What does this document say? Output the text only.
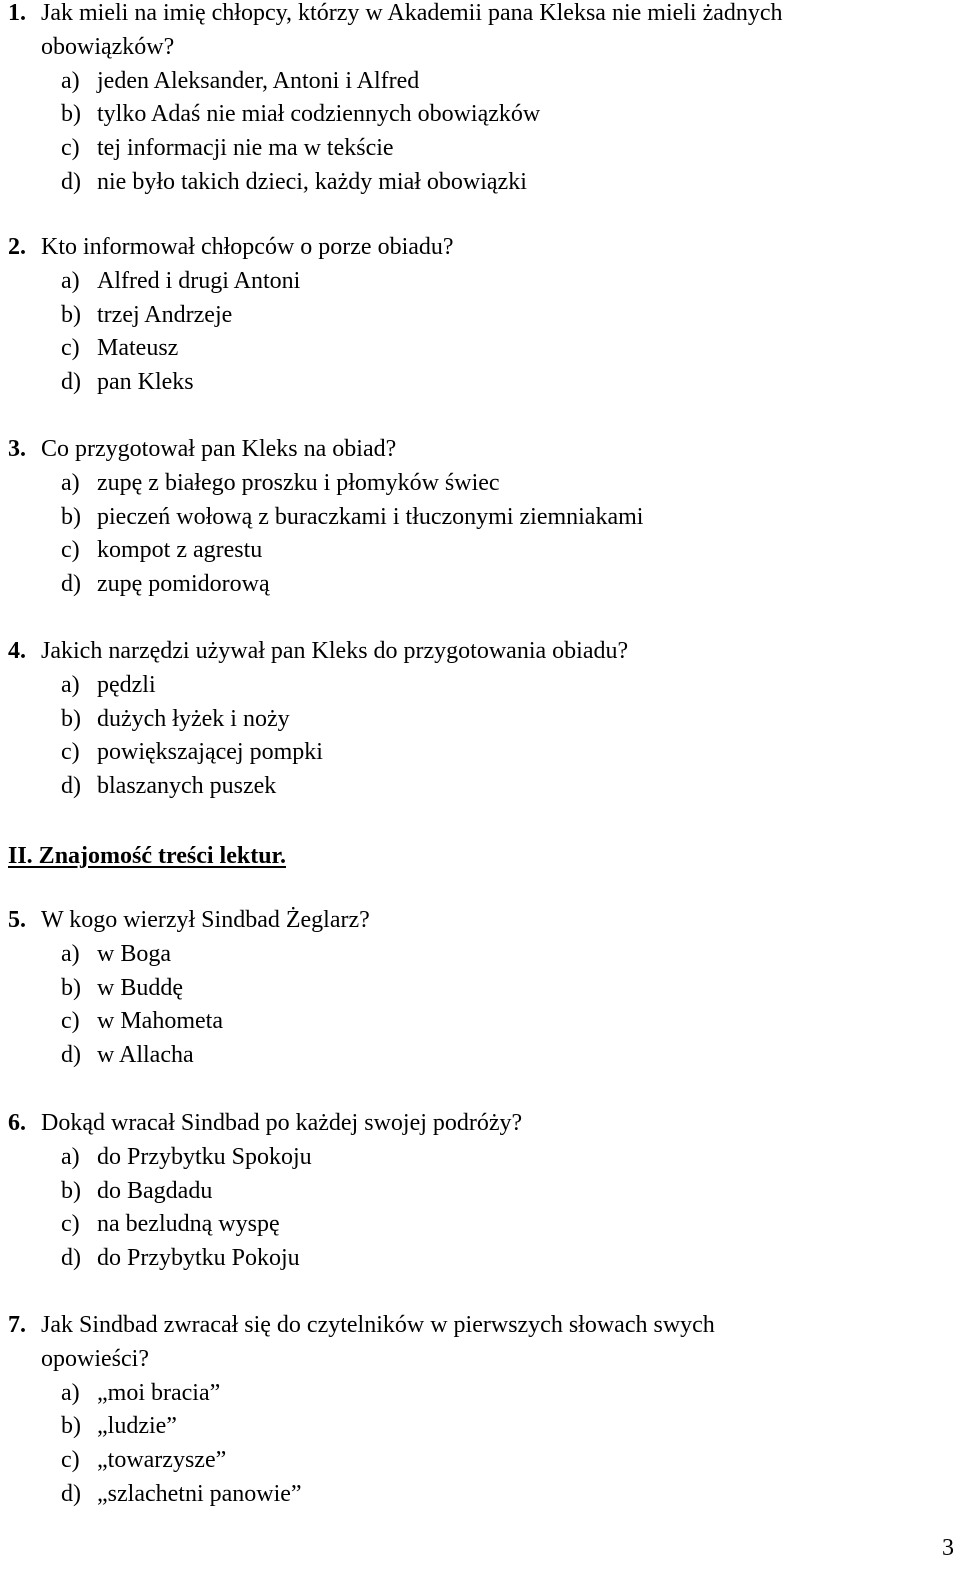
1. Jak mieli na imię chłopcy, którzy w Akademii pana Kleksa nie mieli żadnych
obowiązków?
a) jeden Aleksander, Antoni i Alfred
b) tylko Adaś nie miał codziennych obowiązków
c) tej informacji nie ma w tekście
d) nie było takich dzieci, każdy miał obowiązki
2. Kto informował chłopców o porze obiadu?
a) Alfred i drugi Antoni
b) trzej Andrzeje
c) Mateusz
d) pan Kleks
3. Co przygotował pan Kleks na obiad?
a) zupę z białego proszku i płomyków świec
b) pieczeń wołową z buraczkami i tłuczonymi ziemniakami
c) kompot z agrestu
d) zupę pomidorową
4. Jakich narzędzi używał pan Kleks do przygotowania obiadu?
a) pędzli
b) dużych łyżek i noży
c) powiększającej pompki
d) blaszanych puszek
II. Znajomość treści lektur.
5. W kogo wierzył Sindbad Żeglarz?
a) w Boga
b) w Buddę
c) w Mahometa
d) w Allacha
6. Dokąd wracał Sindbad po każdej swojej podróży?
a) do Przybytku Spokoju
b) do Bagdadu
c) na bezludną wyspę
d) do Przybytku Pokoju
7. Jak Sindbad zwracał się do czytelników w pierwszych słowach swych
opowieści?
a) „moi bracia”
b) „ludzie”
c) „towarzysze”
d) „szlachetni panowie”
3
